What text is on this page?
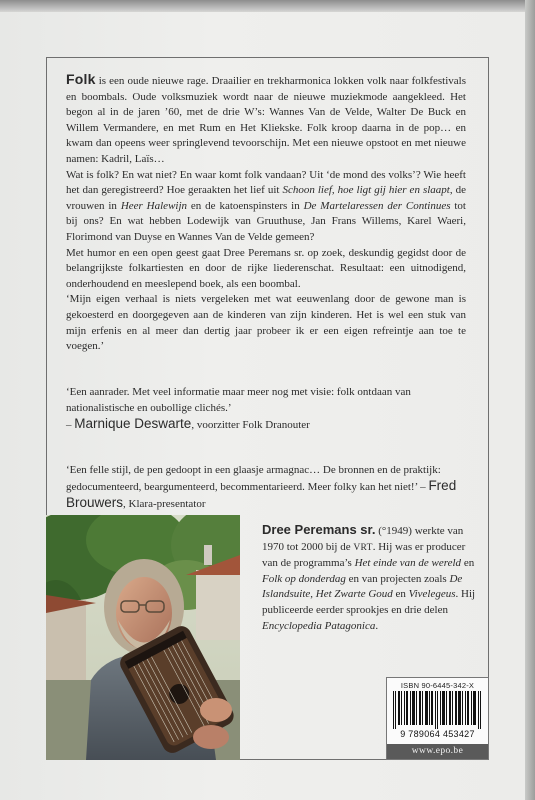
Folk is een oude nieuwe rage. Draailier en trekharmonica lokken volk naar folkfestivals en boombals. Oude volksmuziek wordt naar de nieuwe muziekmode aangekleed. Het begon al in de jaren ’60, met de drie W’s: Wannes Van de Velde, Walter De Buck en Willem Vermandere, en met Rum en Het Kliekske. Folk kroop daarna in de pop… en kwam dan opeens weer springlevend tevoorschijn. Met een nieuwe opstoot en met nieuwe namen: Kadril, Laïs…

Wat is folk? En wat niet? En waar komt folk vandaan? Uit ‘de mond des volks’? Wie heeft het dan geregistreerd? Hoe geraakten het lief uit Schoon lief, hoe ligt gij hier en slaapt, de vrouwen in Heer Halewijn en de katoenspinsters in De Martelaressen der Continues tot bij ons? En wat hebben Lodewijk van Gruuthuse, Jan Frans Willems, Karel Waeri, Florimond van Duyse en Wannes Van de Velde gemeen?

Met humor en een open geest gaat Dree Peremans sr. op zoek, deskundig gegidst door de belangrijkste folkartiesten en door de rijke liederenschat. Resultaat: een uitnodigend, onderhoudend en meeslepend boek, als een boombal.

‘Mijn eigen verhaal is niets vergeleken met wat eeuwenlang door de gewone man is gekoesterd en doorgegeven aan de kinderen van zijn kinderen. Het is wel een stuk van mijn erfenis en al meer dan dertig jaar probeer ik er een eigen refreintje aan toe te voegen.’

‘Een aanrader. Met veel informatie maar meer nog met visie: folk ontdaan van nationalistische en oubollige clichés.’
– Marnique Deswarte, voorzitter Folk Dranouter
‘Een felle stijl, de pen gedoopt in een glaasje armagnac… De bronnen en de praktijk: gedocumenteerd, beargumenteerd, becommentarieerd. Meer folky kan het niet!’ – Fred Brouwers, Klara-presentator
Dree Peremans sr. (°1949) werkte van 1970 tot 2000 bij de VRT. Hij was er producer van de programma’s Het einde van de wereld en Folk op donderdag en van projecten zoals De Islandsuite, Het Zwarte Goud en Vivelegeus. Hij publiceerde eerder sprookjes en drie delen Encyclopedia Patagonica.
ISBN 90-6445-342-X
9 789064 453427
www.epo.be
